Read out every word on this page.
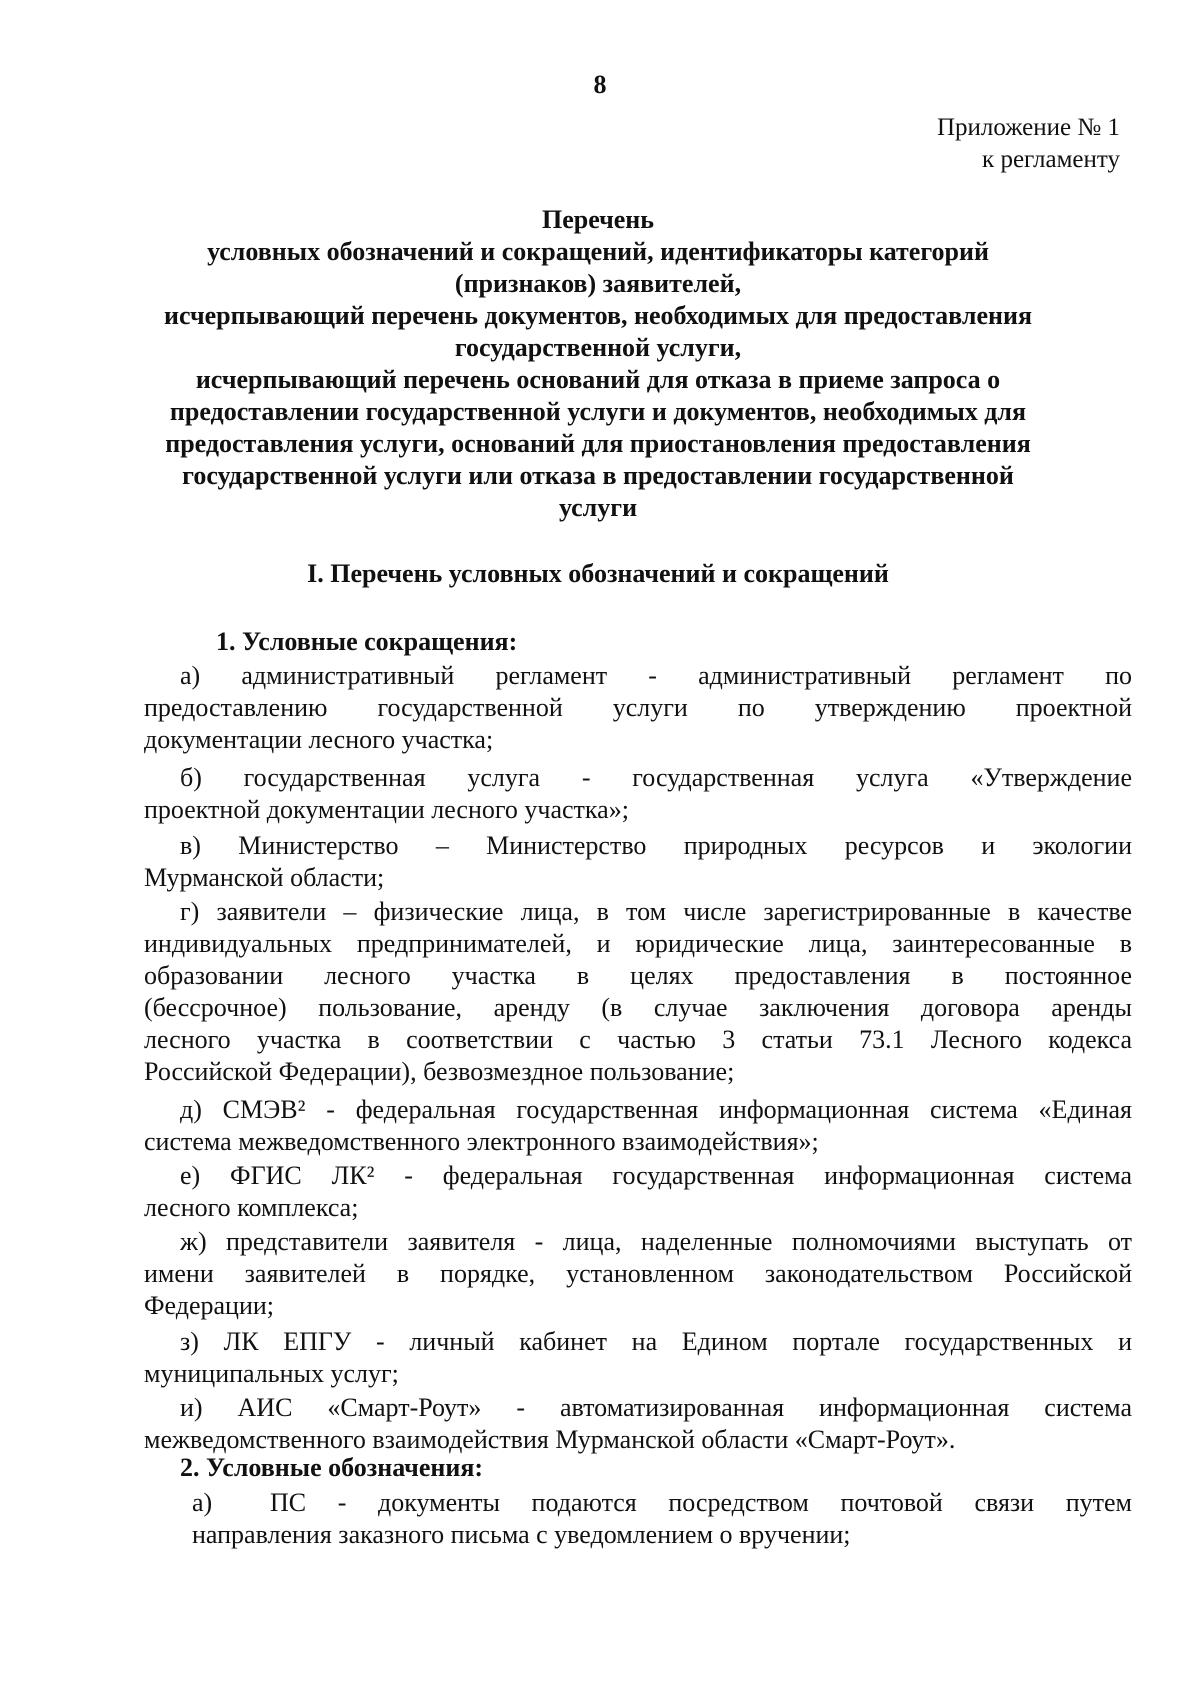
8
Приложение № 1
к регламенту
Перечень
условных обозначений и сокращений, идентификаторы категорий
(признаков) заявителей,
исчерпывающий перечень документов, необходимых для предоставления
государственной услуги,
исчерпывающий перечень оснований для отказа в приеме запроса о
предоставлении государственной услуги и документов, необходимых для
предоставления услуги, оснований для приостановления предоставления
государственной услуги или отказа в предоставлении государственной
услуги
I. Перечень условных обозначений и сокращений
1. Условные сокращения:
а) административный регламент - административный регламент по
предоставлению государственной услуги по утверждению проектной
документации лесного участка;
б) государственная услуга - государственная услуга «Утверждение
проектной документации лесного участка»;
в) Министерство – Министерство природных ресурсов и экологии
Мурманской области;
г) заявители – физические лица, в том числе зарегистрированные в качестве
индивидуальных предпринимателей, и юридические лица, заинтересованные в
образовании лесного участка в целях предоставления в постоянное
(бессрочное) пользование, аренду (в случае заключения договора аренды
лесного участка в соответствии с частью 3 статьи 73.1 Лесного кодекса
Российской Федерации), безвозмездное пользование;
д) СМЭВ² - федеральная государственная информационная система «Единая
система межведомственного электронного взаимодействия»;
е) ФГИС ЛК² - федеральная государственная информационная система
лесного комплекса;
ж) представители заявителя - лица, наделенные полномочиями выступать от
имени заявителей в порядке, установленном законодательством Российской
Федерации;
з) ЛК ЕПГУ - личный кабинет на Едином портале государственных и
муниципальных услуг;
и) АИС «Смарт-Роут» - автоматизированная информационная система
межведомственного взаимодействия Мурманской области «Смарт-Роут».
2. Условные обозначения:
а) ПС - документы подаются посредством почтовой связи путем
направления заказного письма с уведомлением о вручении;
